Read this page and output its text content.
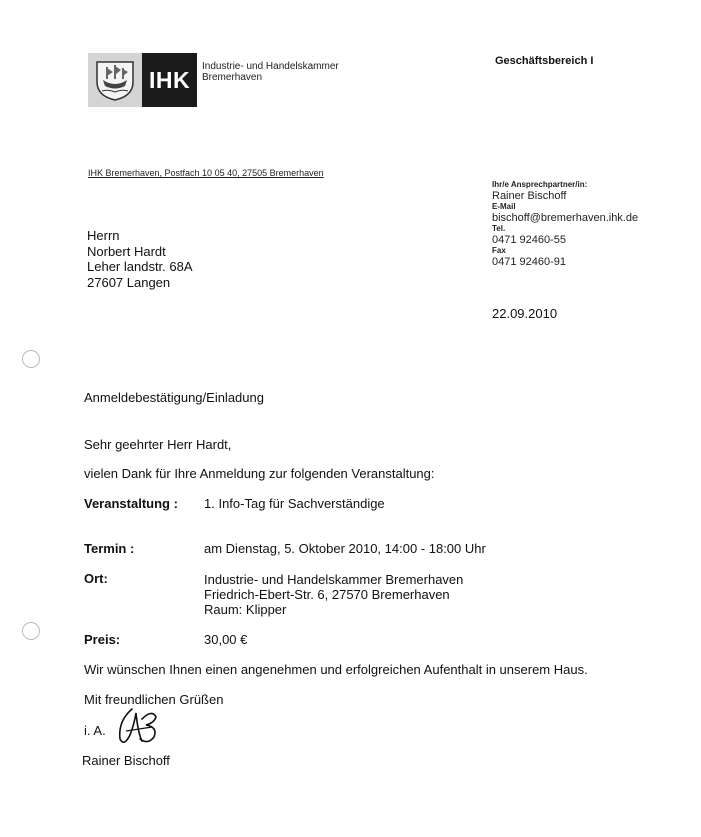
IHK
Industrie- und Handelskammer
Bremerhaven
Geschäftsbereich I
IHK Bremerhaven, Postfach 10 05 40, 27505 Bremerhaven
Ihr/e Ansprechpartner/in:
Rainer Bischoff
E-Mail
bischoff@bremerhaven.ihk.de
Tel.
0471 92460-55
Fax
0471 92460-91
Herrn
Norbert Hardt
Leher landstr. 68A
27607 Langen
22.09.2010
Anmeldebestätigung/Einladung
Sehr geehrter Herr Hardt,
vielen Dank für Ihre Anmeldung zur folgenden Veranstaltung:
Veranstaltung : 1. Info-Tag für Sachverständige
Termin :	am Dienstag, 5. Oktober 2010, 14:00 - 18:00 Uhr
Ort:	Industrie- und Handelskammer Bremerhaven
Friedrich-Ebert-Str. 6, 27570 Bremerhaven
Raum: Klipper
Preis:	30,00 €
Wir wünschen Ihnen einen angenehmen und erfolgreichen Aufenthalt in unserem Haus.
Mit freundlichen Grüßen
i. A.
Rainer Bischoff
